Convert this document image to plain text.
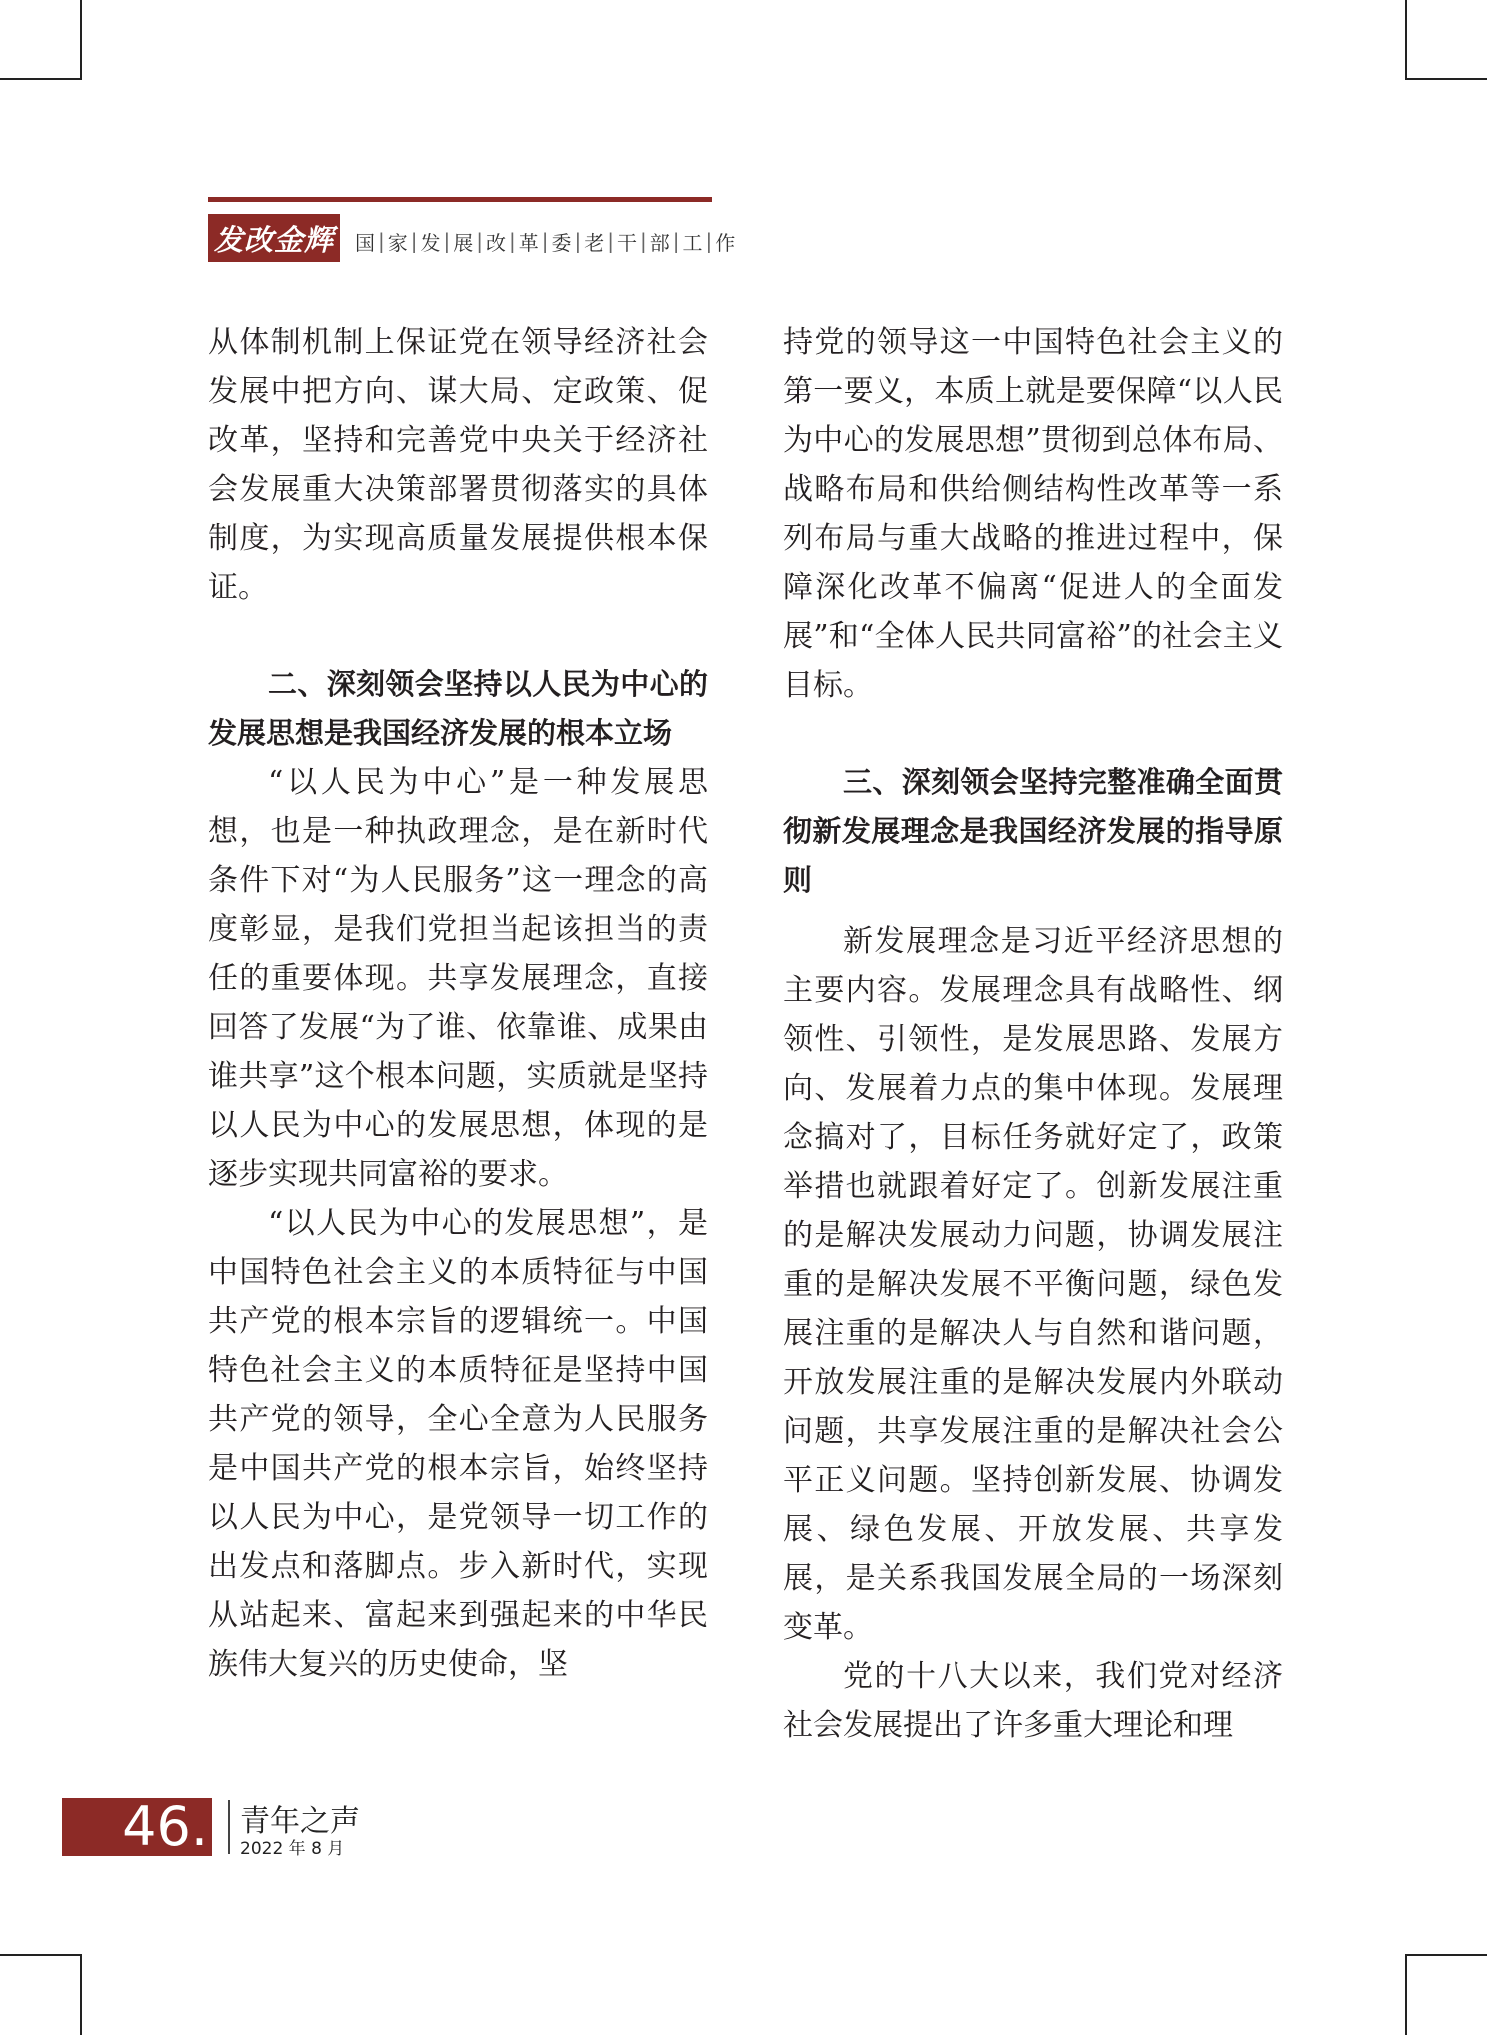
发改金辉	国 | 家 | 发 | 展 | 改 | 革 | 委 | 老 | 干 | 部 | 工 | 作

从体制机制上保证党在领导经济社会发展中把方向、谋大局、定政策、促改革，坚持和完善党中央关于经济社会发展重大决策部署贯彻落实的具体制度，为实现高质量发展提供根本保证。

二、深刻领会坚持以人民为中心的发展思想是我国经济发展的根本立场

“以人民为中心”是一种发展思想，也是一种执政理念，是在新时代条件下对“为人民服务”这一理念的高度彰显，是我们党担当起该担当的责任的重要体现。共享发展理念，直接回答了发展“为了谁、依靠谁、成果由谁共享”这个根本问题，实质就是坚持以人民为中心的发展思想，体现的是逐步实现共同富裕的要求。

“以人民为中心的发展思想”，是中国特色社会主义的本质特征与中国共产党的根本宗旨的逻辑统一。中国特色社会主义的本质特征是坚持中国共产党的领导，全心全意为人民服务是中国共产党的根本宗旨，始终坚持以人民为中心，是党领导一切工作的出发点和落脚点。步入新时代，实现从站起来、富起来到强起来的中华民族伟大复兴的历史使命，坚

持党的领导这一中国特色社会主义的第一要义，本质上就是要保障“以人民为中心的发展思想”贯彻到总体布局、战略布局和供给侧结构性改革等一系列布局与重大战略的推进过程中，保障深化改革不偏离“促进人的全面发展”和“全体人民共同富裕”的社会主义目标。

三、深刻领会坚持完整准确全面贯彻新发展理念是我国经济发展的指导原则

新发展理念是习近平经济思想的主要内容。发展理念具有战略性、纲领性、引领性，是发展思路、发展方向、发展着力点的集中体现。发展理念搞对了，目标任务就好定了，政策举措也就跟着好定了。创新发展注重的是解决发展动力问题，协调发展注重的是解决发展不平衡问题，绿色发展注重的是解决人与自然和谐问题，开放发展注重的是解决发展内外联动问题，共享发展注重的是解决社会公平正义问题。坚持创新发展、协调发展、绿色发展、开放发展、共享发展，是关系我国发展全局的一场深刻变革。

党的十八大以来，我们党对经济社会发展提出了许多重大理论和理

46. 青年之声
2022 年 8 月
